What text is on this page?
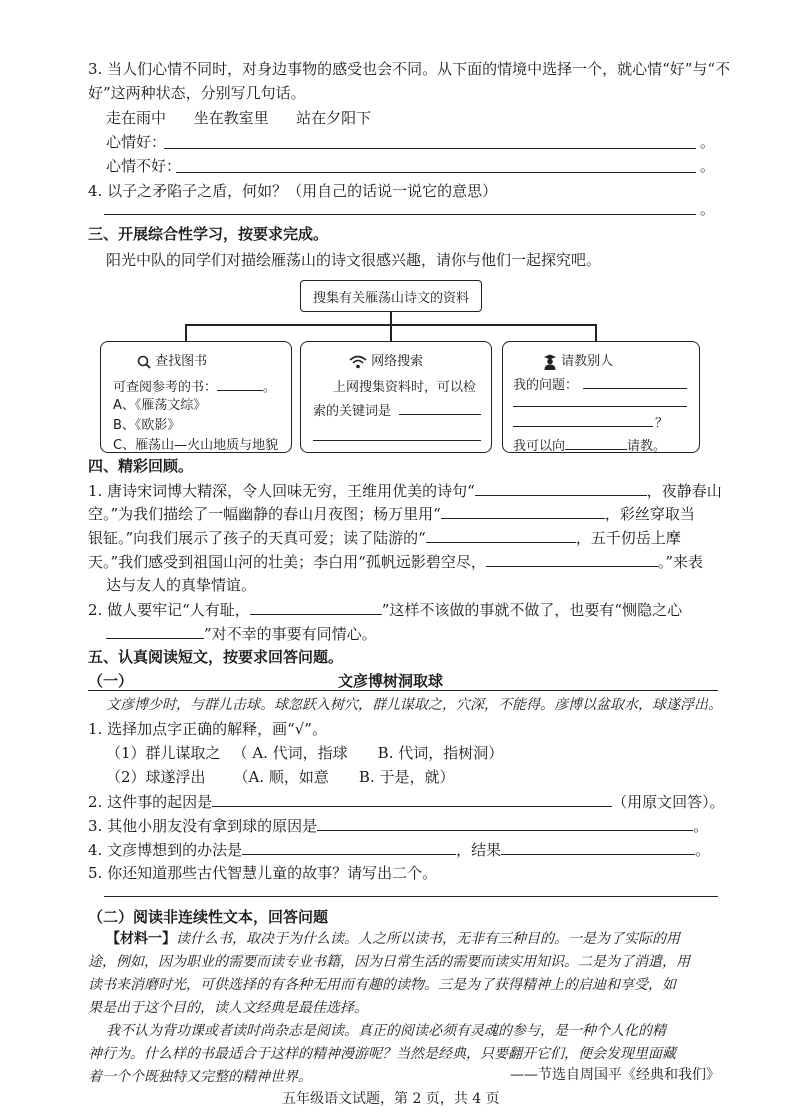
3. 当人们心情不同时，对身边事物的感受也会不同。从下面的情境中选择一个，就心情“好”与“不
好”这两种状态，分别写几句话。
走在雨中 坐在教室里 站在夕阳下
心情好：	。
心情不好：	。
4. 以子之矛陷子之盾，何如？（用自己的话说一说它的意思）
。
三、开展综合性学习，按要求完成。
阳光中队的同学们对描绘雁荡山的诗文很感兴趣，请你与他们一起探究吧。
搜集有关雁荡山诗文的资料
查找图书
可查阅参考的书：	。
A、《雁荡文综》
B、《欧影》
C、雁荡山—火山地质与地貌
网络搜索
上网搜集资料时，可以检
索的关键词是
请教别人
我的问题：
？
我可以向	请教。
四、精彩回顾。
1. 唐诗宋词博大精深，令人回味无穷，王维用优美的诗句“	，夜静春山
空。”为我们描绘了一幅幽静的春山月夜图；杨万里用“	，彩丝穿取当
银钲。”向我们展示了孩子的天真可爱；读了陆游的“	，五千仞岳上摩
天。”我们感受到祖国山河的壮美；李白用“孤帆远影碧空尽，	。”来表
达与友人的真挚情谊。
2. 做人要牢记“人有耻，	”这样不该做的事就不做了，也要有“恻隐之心
”对不幸的事要有同情心。
五、认真阅读短文，按要求回答问题。
（一）	文彦博树洞取球
文彦博少时，与群儿击球。球忽跃入树穴，群儿谋取之，穴深，不能得。彦博以盆取水，球遂浮出。
1. 选择加点字正确的解释，画“√”。
（1）群儿谋取之 （ A. 代词，指球　　B. 代词，指树洞）
（2）球遂浮出 （A. 顺，如意　　B. 于是，就）
2. 这件事的起因是	（用原文回答）。
3. 其他小朋友没有拿到球的原因是	。
4. 文彦博想到的办法是	，结果	。
5. 你还知道那些古代智慧儿童的故事？请写出二个。
（二）阅读非连续性文本，回答问题
【材料一】读什么书，取决于为什么读。人之所以读书，无非有三种目的。一是为了实际的用
途，例如，因为职业的需要而读专业书籍，因为日常生活的需要而读实用知识。二是为了消遣，用
读书来消磨时光，可供选择的有各种无用而有趣的读物。三是为了获得精神上的启迪和享受，如
果是出于这个目的，读人文经典是最佳选择。
我不认为背功课或者读时尚杂志是阅读。真正的阅读必须有灵魂的参与，是一种个人化的精
神行为。什么样的书最适合于这样的精神漫游呢？当然是经典，只要翻开它们，便会发现里面藏
着一个个既独特又完整的精神世界。	——节选自周国平《经典和我们》
五年级语文试题，第 2 页，共 4 页
